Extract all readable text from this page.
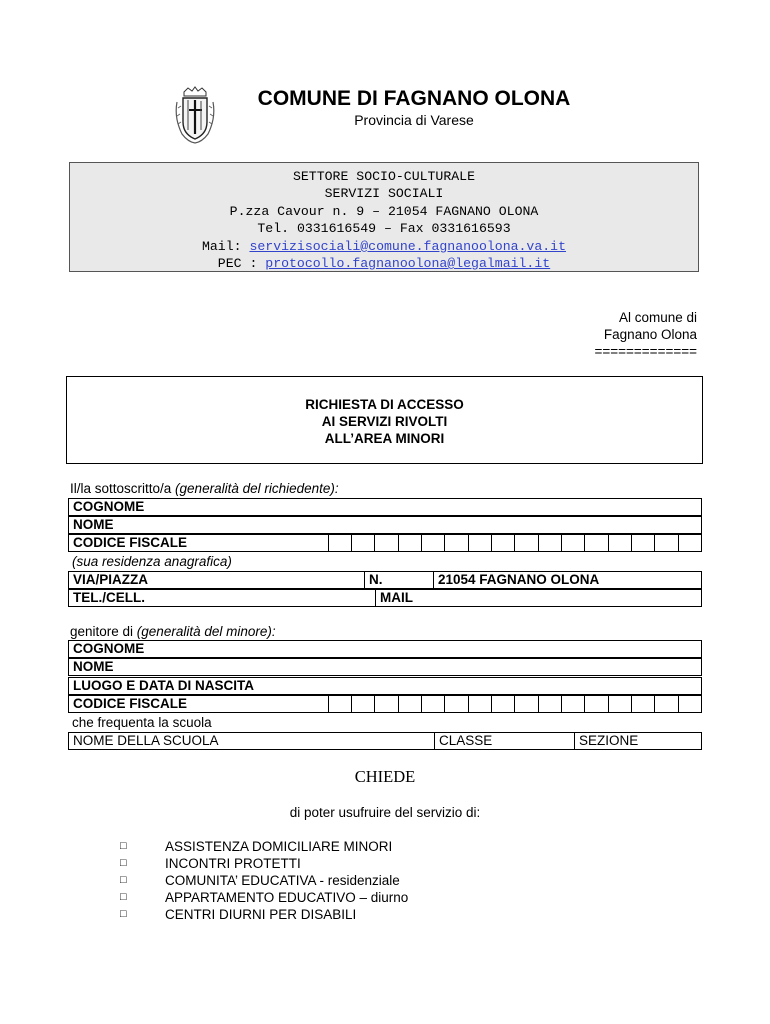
COMUNE DI FAGNANO OLONA
Provincia di Varese
SETTORE SOCIO-CULTURALE
SERVIZI SOCIALI
P.zza Cavour n. 9 – 21054 FAGNANO OLONA
Tel. 0331616549 – Fax 0331616593
Mail: servizisociali@comune.fagnanoolona.va.it
PEC : protocollo.fagnanoolona@legalmail.it
Al comune di
Fagnano Olona
=============
RICHIESTA DI ACCESSO
AI SERVIZI RIVOLTI
ALL’AREA MINORI
Il/la sottoscritto/a (generalità del richiedente):
COGNOME
NOME
CODICE FISCALE
(sua residenza anagrafica)
VIA/PIAZZA	N.	21054 FAGNANO OLONA
TEL./CELL.	MAIL
genitore di (generalità del minore):
COGNOME
NOME
LUOGO E DATA DI NASCITA
CODICE FISCALE
che frequenta la scuola
NOME DELLA SCUOLA	CLASSE	SEZIONE
CHIEDE
di poter usufruire del servizio di:
□	ASSISTENZA DOMICILIARE MINORI
□	INCONTRI PROTETTI
□	COMUNITA’ EDUCATIVA - residenziale
□	APPARTAMENTO EDUCATIVO – diurno
□	CENTRI DIURNI PER DISABILI
